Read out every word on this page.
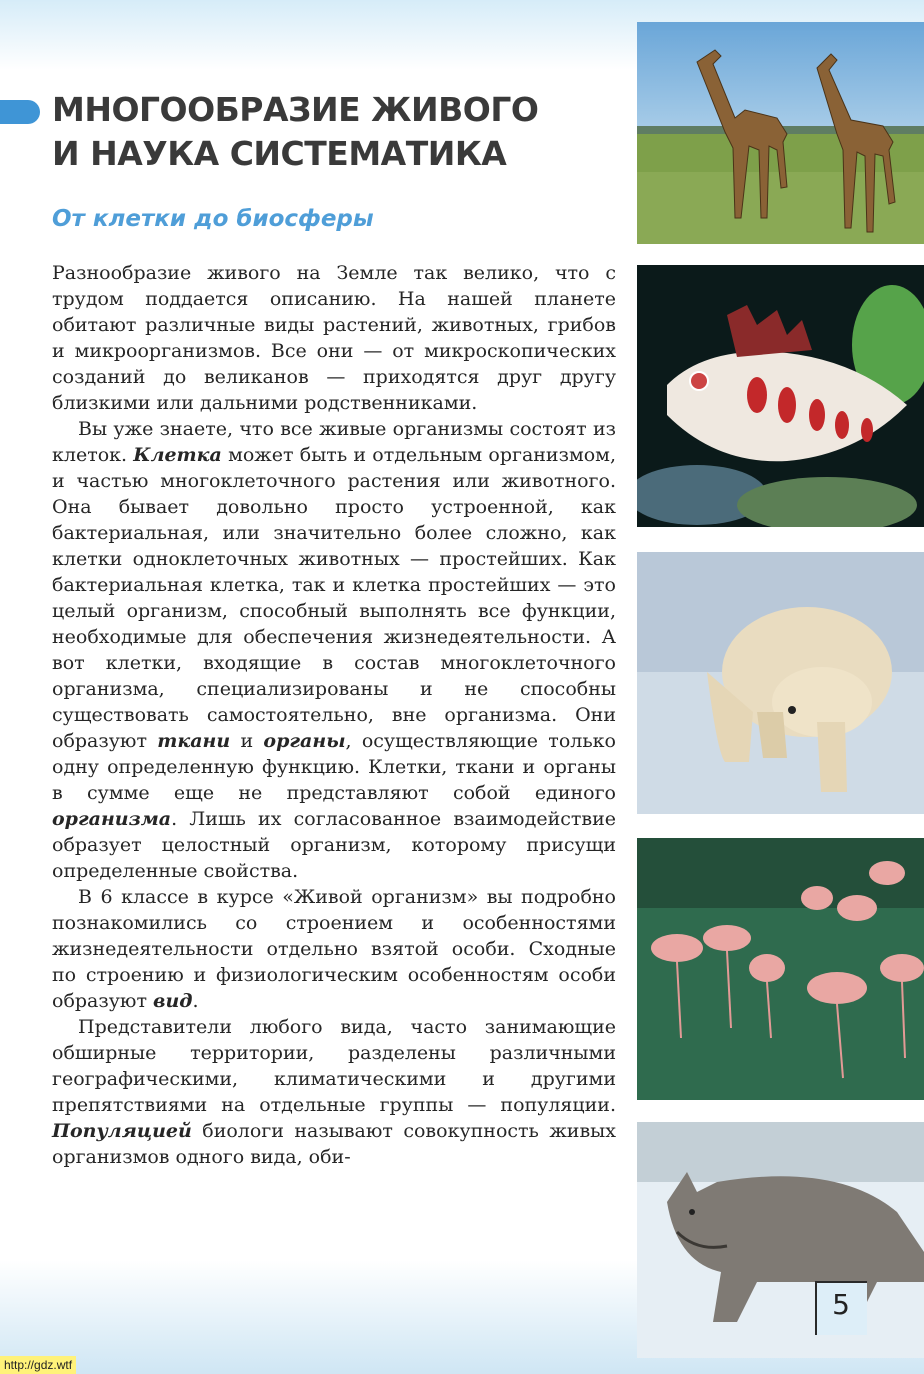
МНОГООБРАЗИЕ ЖИВОГО
И НАУКА СИСТЕМАТИКА
От клетки до биосферы

Разнообразие живого на Земле так велико, что с трудом поддается описанию. На нашей планете обитают различные виды растений, животных, грибов и микроорганизмов. Все они — от микроскопических созданий до великанов — приходятся друг другу близкими или дальними родственниками.

Вы уже знаете, что все живые организмы состоят из клеток. Клетка может быть и отдельным организмом, и частью многоклеточного растения или животного. Она бывает довольно просто устроенной, как бактериальная, или значительно более сложно, как клетки одноклеточных животных — простейших. Как бактериальная клетка, так и клетка простейших — это целый организм, способный выполнять все функции, необходимые для обеспечения жизнедеятельности. А вот клетки, входящие в состав многоклеточного организма, специализированы и не способны существовать самостоятельно, вне организма. Они образуют ткани и органы, осуществляющие только одну определенную функцию. Клетки, ткани и органы в сумме еще не представляют собой единого организма. Лишь их согласованное взаимодействие образует целостный организм, которому присущи определенные свойства.

В 6 классе в курсе «Живой организм» вы подробно познакомились со строением и особенностями жизнедеятельности отдельно взятой особи. Сходные по строению и физиологическим особенностям особи образуют вид.

Представители любого вида, часто занимающие обширные территории, разделены различными географическими, климатическими и другими препятствиями на отдельные группы — популяции. Популяцией биологи называют совокупность живых организмов одного вида, оби-

5
http://gdz.wtf
